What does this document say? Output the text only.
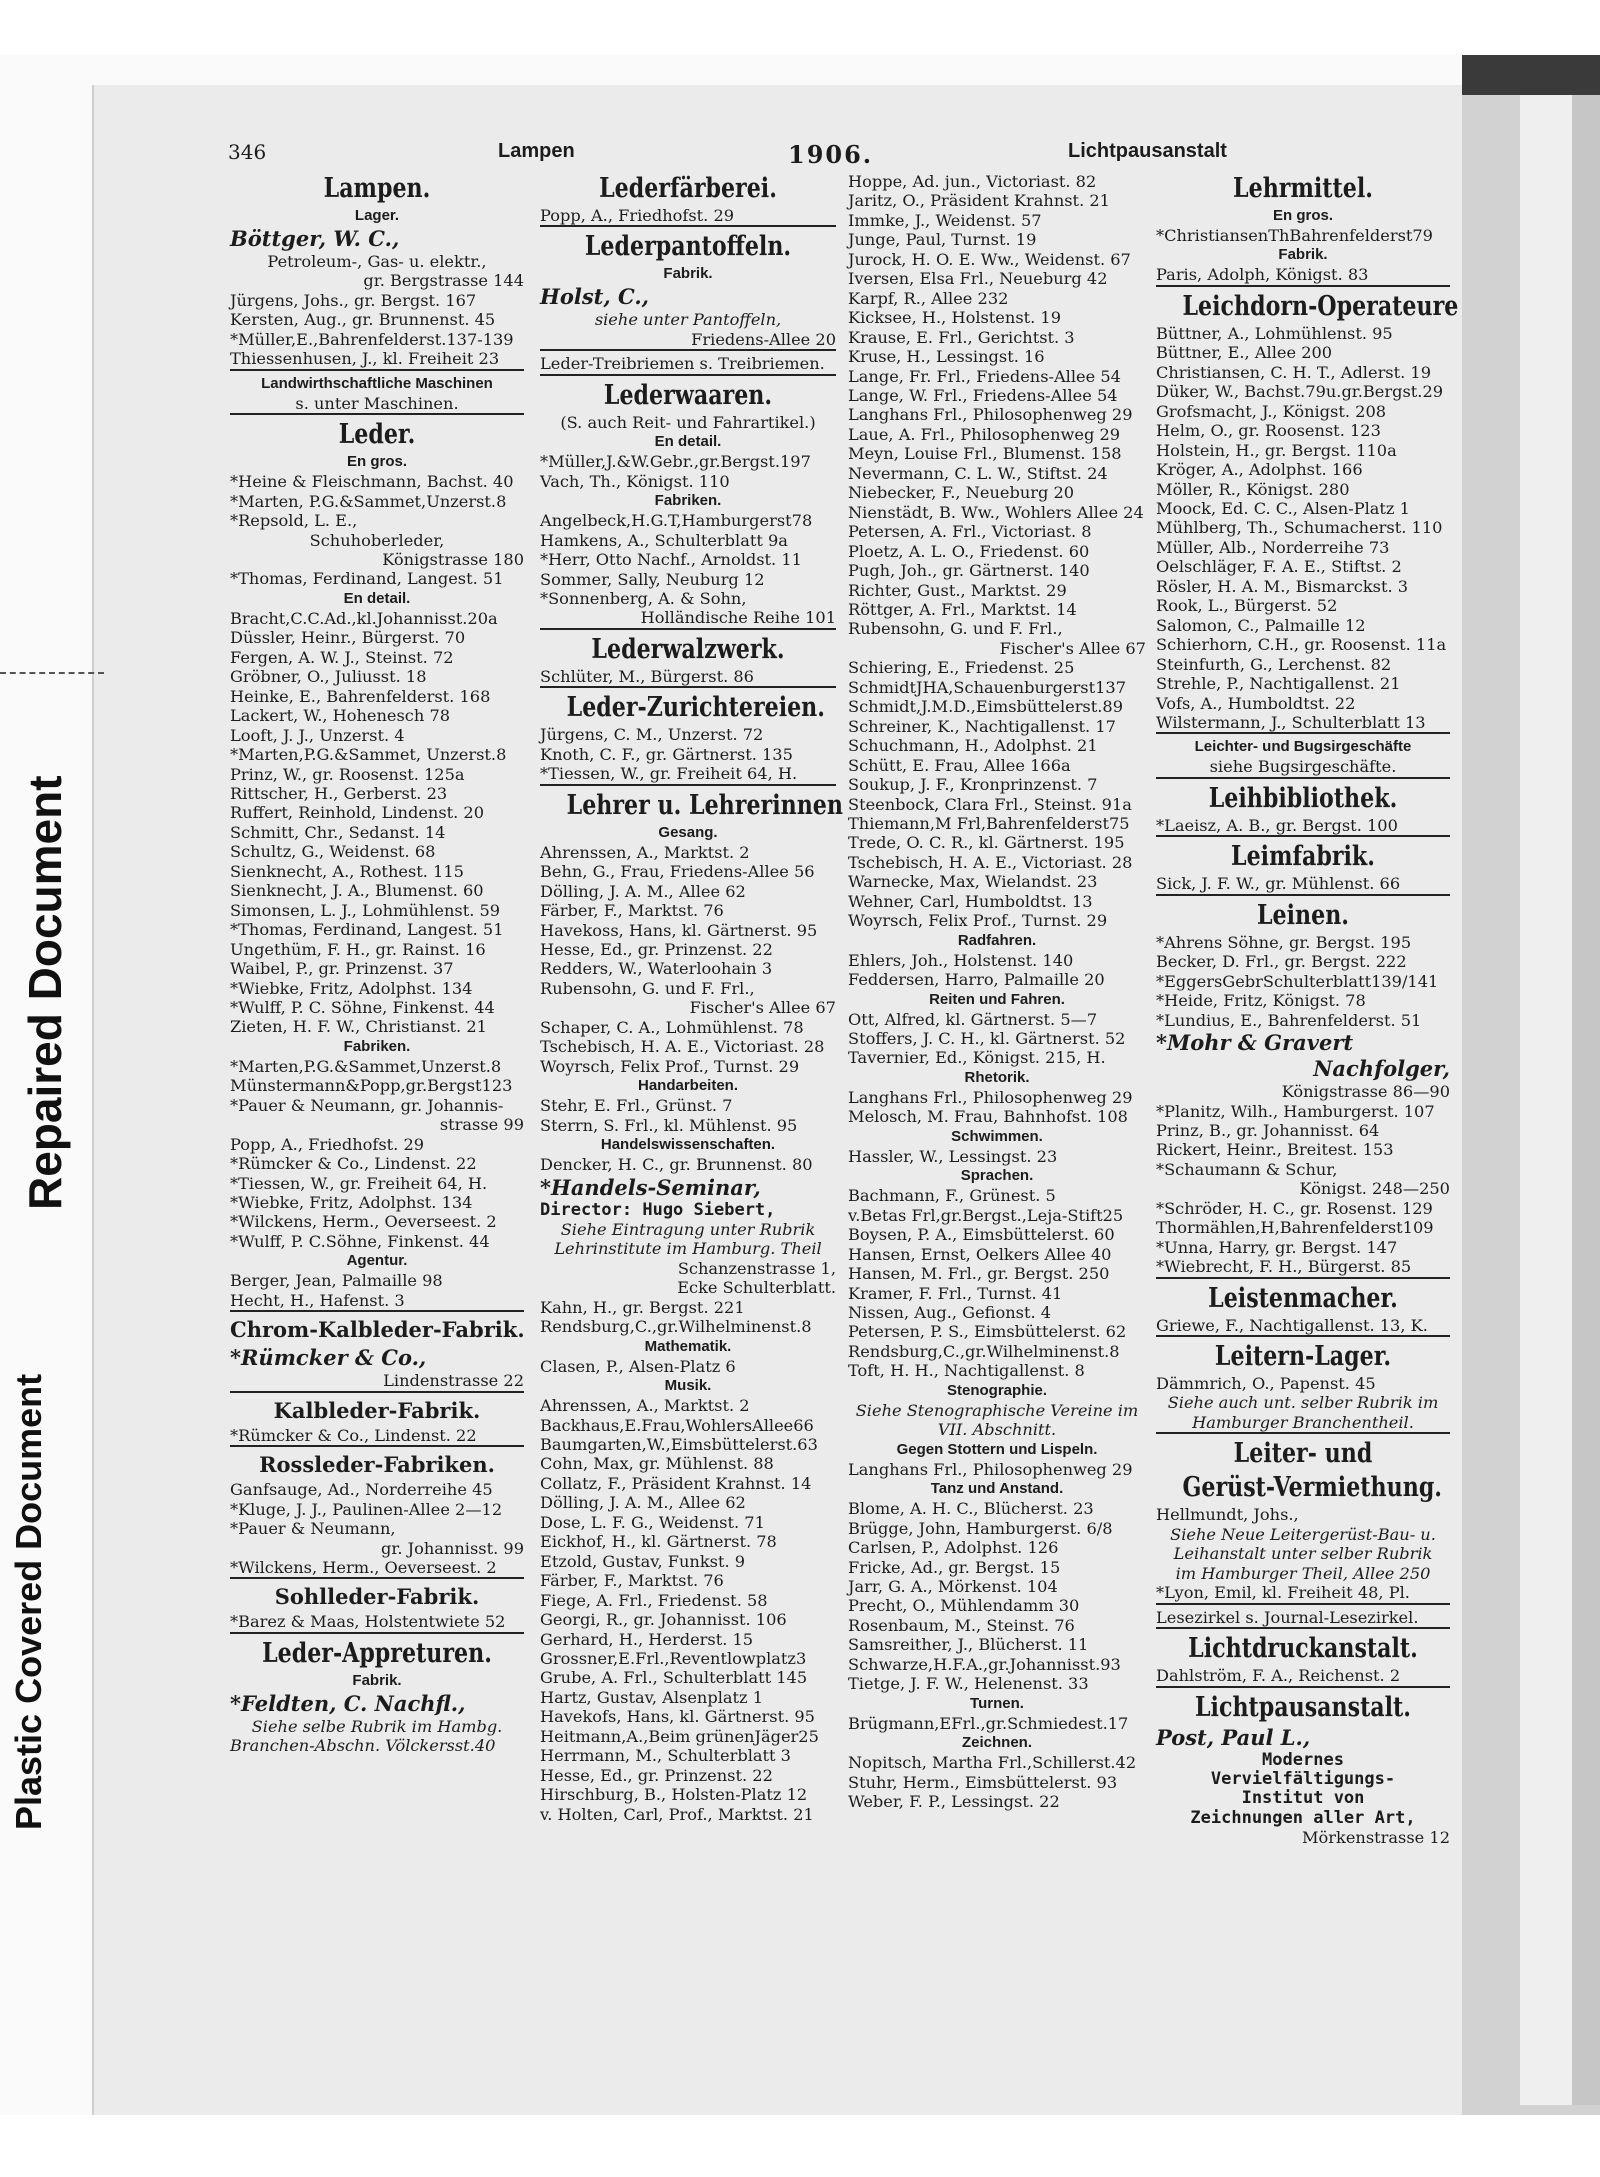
Repaired Document
Plastic Covered Document
346	Lampen	1906.	Lichtpausanstalt
Lampen.
Lager.
Böttger, W. C.,
Petroleum-, Gas- u. elektr.,
gr. Bergstrasse 144
Jürgens, Johs., gr. Bergst. 167
Kersten, Aug., gr. Brunnenst. 45
*Müller,E.,Bahrenfelderst.137-139
Thiessenhusen, J., kl. Freiheit 23
Landwirthschaftliche Maschinen
s. unter Maschinen.
Leder.
En gros.
*Heine & Fleischmann, Bachst. 40
*Marten, P.G.&Sammet,Unzerst.8
*Repsold, L. E.,
Schuhoberleder,
Königstrasse 180
*Thomas, Ferdinand, Langest. 51
En detail.
Bracht,C.C.Ad.,kl.Johannisst.20a
Düssler, Heinr., Bürgerst. 70
Fergen, A. W. J., Steinst. 72
Gröbner, O., Juliusst. 18
Heinke, E., Bahrenfelderst. 168
Lackert, W., Hohenesch 78
Looft, J. J., Unzerst. 4
*Marten,P.G.&Sammet, Unzerst.8
Prinz, W., gr. Roosenst. 125a
Rittscher, H., Gerberst. 23
Ruffert, Reinhold, Lindenst. 20
Schmitt, Chr., Sedanst. 14
Schultz, G., Weidenst. 68
Sienknecht, A., Rothest. 115
Sienknecht, J. A., Blumenst. 60
Simonsen, L. J., Lohmühlenst. 59
*Thomas, Ferdinand, Langest. 51
Ungethüm, F. H., gr. Rainst. 16
Waibel, P., gr. Prinzenst. 37
*Wiebke, Fritz, Adolphst. 134
*Wulff, P. C. Söhne, Finkenst. 44
Zieten, H. F. W., Christianst. 21
Fabriken.
*Marten,P.G.&Sammet,Unzerst.8
Münstermann&Popp,gr.Bergst123
*Pauer & Neumann, gr. Johannis-
strasse 99
Popp, A., Friedhofst. 29
*Rümcker & Co., Lindenst. 22
*Tiessen, W., gr. Freiheit 64, H.
*Wiebke, Fritz, Adolphst. 134
*Wilckens, Herm., Oeverseest. 2
*Wulff, P. C.Söhne, Finkenst. 44
Agentur.
Berger, Jean, Palmaille 98
Hecht, H., Hafenst. 3
Chrom-Kalbleder-Fabrik.
*Rümcker & Co.,
Lindenstrasse 22
Kalbleder-Fabrik.
*Rümcker & Co., Lindenst. 22
Rossleder-Fabriken.
Ganfsauge, Ad., Norderreihe 45
*Kluge, J. J., Paulinen-Allee 2—12
*Pauer & Neumann,
gr. Johannisst. 99
*Wilckens, Herm., Oeverseest. 2
Sohlleder-Fabrik.
*Barez & Maas, Holstentwiete 52
Leder-Appreturen.
Fabrik.
*Feldten, C. Nachfl.,
Siehe selbe Rubrik im Hambg.
Branchen-Abschn. Völckersst.40
Lederfärberei.
Popp, A., Friedhofst. 29
Lederpantoffeln.
Fabrik.
Holst, C.,
siehe unter Pantoffeln,
Friedens-Allee 20
Leder-Treibriemen s. Treibriemen.
Lederwaaren.
(S. auch Reit- und Fahrartikel.)
En detail.
*Müller,J.&W.Gebr.,gr.Bergst.197
Vach, Th., Königst. 110
Fabriken.
Angelbeck,H.G.T,Hamburgerst78
Hamkens, A., Schulterblatt 9a
*Herr, Otto Nachf., Arnoldst. 11
Sommer, Sally, Neuburg 12
*Sonnenberg, A. & Sohn,
Holländische Reihe 101
Lederwalzwerk.
Schlüter, M., Bürgerst. 86
Leder-Zurichtereien.
Jürgens, C. M., Unzerst. 72
Knoth, C. F., gr. Gärtnerst. 135
*Tiessen, W., gr. Freiheit 64, H.
Lehrer u. Lehrerinnen
Gesang.
Ahrenssen, A., Marktst. 2
Behn, G., Frau, Friedens-Allee 56
Dölling, J. A. M., Allee 62
Färber, F., Marktst. 76
Havekoss, Hans, kl. Gärtnerst. 95
Hesse, Ed., gr. Prinzenst. 22
Redders, W., Waterloohain 3
Rubensohn, G. und F. Frl.,
Fischer's Allee 67
Schaper, C. A., Lohmühlenst. 78
Tschebisch, H. A. E., Victoriast. 28
Woyrsch, Felix Prof., Turnst. 29
Handarbeiten.
Stehr, E. Frl., Grünst. 7
Sterrn, S. Frl., kl. Mühlenst. 95
Handelswissenschaften.
Dencker, H. C., gr. Brunnenst. 80
*Handels-Seminar,
Director: Hugo Siebert,
Siehe Eintragung unter Rubrik
Lehrinstitute im Hamburg. Theil
Schanzenstrasse 1,
Ecke Schulterblatt.
Kahn, H., gr. Bergst. 221
Rendsburg,C.,gr.Wilhelminenst.8
Mathematik.
Clasen, P., Alsen-Platz 6
Musik.
Ahrenssen, A., Marktst. 2
Backhaus,E.Frau,WohlersAllee66
Baumgarten,W.,Eimsbüttelerst.63
Cohn, Max, gr. Mühlenst. 88
Collatz, F., Präsident Krahnst. 14
Dölling, J. A. M., Allee 62
Dose, L. F. G., Weidenst. 71
Eickhof, H., kl. Gärtnerst. 78
Etzold, Gustav, Funkst. 9
Färber, F., Marktst. 76
Fiege, A. Frl., Friedenst. 58
Georgi, R., gr. Johannisst. 106
Gerhard, H., Herderst. 15
Grossner,E.Frl.,Reventlowplatz3
Grube, A. Frl., Schulterblatt 145
Hartz, Gustav, Alsenplatz 1
Havekofs, Hans, kl. Gärtnerst. 95
Heitmann,A.,Beim grünenJäger25
Herrmann, M., Schulterblatt 3
Hesse, Ed., gr. Prinzenst. 22
Hirschburg, B., Holsten-Platz 12
v. Holten, Carl, Prof., Marktst. 21
Hoppe, Ad. jun., Victoriast. 82
Jaritz, O., Präsident Krahnst. 21
Immke, J., Weidenst. 57
Junge, Paul, Turnst. 19
Jurock, H. O. E. Ww., Weidenst. 67
Iversen, Elsa Frl., Neueburg 42
Karpf, R., Allee 232
Kicksee, H., Holstenst. 19
Krause, E. Frl., Gerichtst. 3
Kruse, H., Lessingst. 16
Lange, Fr. Frl., Friedens-Allee 54
Lange, W. Frl., Friedens-Allee 54
Langhans Frl., Philosophenweg 29
Laue, A. Frl., Philosophenweg 29
Meyn, Louise Frl., Blumenst. 158
Nevermann, C. L. W., Stiftst. 24
Niebecker, F., Neueburg 20
Nienstädt, B. Ww., Wohlers Allee 24
Petersen, A. Frl., Victoriast. 8
Ploetz, A. L. O., Friedenst. 60
Pugh, Joh., gr. Gärtnerst. 140
Richter, Gust., Marktst. 29
Röttger, A. Frl., Marktst. 14
Rubensohn, G. und F. Frl.,
Fischer's Allee 67
Schiering, E., Friedenst. 25
SchmidtJHA,Schauenburgerst137
Schmidt,J.M.D.,Eimsbüttelerst.89
Schreiner, K., Nachtigallenst. 17
Schuchmann, H., Adolphst. 21
Schütt, E. Frau, Allee 166a
Soukup, J. F., Kronprinzenst. 7
Steenbock, Clara Frl., Steinst. 91a
Thiemann,M Frl,Bahrenfelderst75
Trede, O. C. R., kl. Gärtnerst. 195
Tschebisch, H. A. E., Victoriast. 28
Warnecke, Max, Wielandst. 23
Wehner, Carl, Humboldtst. 13
Woyrsch, Felix Prof., Turnst. 29
Radfahren.
Ehlers, Joh., Holstenst. 140
Feddersen, Harro, Palmaille 20
Reiten und Fahren.
Ott, Alfred, kl. Gärtnerst. 5—7
Stoffers, J. C. H., kl. Gärtnerst. 52
Tavernier, Ed., Königst. 215, H.
Rhetorik.
Langhans Frl., Philosophenweg 29
Melosch, M. Frau, Bahnhofst. 108
Schwimmen.
Hassler, W., Lessingst. 23
Sprachen.
Bachmann, F., Grünest. 5
v.Betas Frl,gr.Bergst.,Leja-Stift25
Boysen, P. A., Eimsbüttelerst. 60
Hansen, Ernst, Oelkers Allee 40
Hansen, M. Frl., gr. Bergst. 250
Kramer, F. Frl., Turnst. 41
Nissen, Aug., Gefionst. 4
Petersen, P. S., Eimsbüttelerst. 62
Rendsburg,C.,gr.Wilhelminenst.8
Toft, H. H., Nachtigallenst. 8
Stenographie.
Siehe Stenographische Vereine im
VII. Abschnitt.
Gegen Stottern und Lispeln.
Langhans Frl., Philosophenweg 29
Tanz und Anstand.
Blome, A. H. C., Blücherst. 23
Brügge, John, Hamburgerst. 6/8
Carlsen, P., Adolphst. 126
Fricke, Ad., gr. Bergst. 15
Jarr, G. A., Mörkenst. 104
Precht, O., Mühlendamm 30
Rosenbaum, M., Steinst. 76
Samsreither, J., Blücherst. 11
Schwarze,H.F.A.,gr.Johannisst.93
Tietge, J. F. W., Helenenst. 33
Turnen.
Brügmann,EFrl.,gr.Schmiedest.17
Zeichnen.
Nopitsch, Martha Frl.,Schillerst.42
Stuhr, Herm., Eimsbüttelerst. 93
Weber, F. P., Lessingst. 22
Lehrmittel.
En gros.
*ChristiansenThBahrenfelderst79
Fabrik.
Paris, Adolph, Königst. 83
Leichdorn-Operateure
Büttner, A., Lohmühlenst. 95
Büttner, E., Allee 200
Christiansen, C. H. T., Adlerst. 19
Düker, W., Bachst.79u.gr.Bergst.29
Grofsmacht, J., Königst. 208
Helm, O., gr. Roosenst. 123
Holstein, H., gr. Bergst. 110a
Kröger, A., Adolphst. 166
Möller, R., Königst. 280
Moock, Ed. C. C., Alsen-Platz 1
Mühlberg, Th., Schumacherst. 110
Müller, Alb., Norderreihe 73
Oelschläger, F. A. E., Stiftst. 2
Rösler, H. A. M., Bismarckst. 3
Rook, L., Bürgerst. 52
Salomon, C., Palmaille 12
Schierhorn, C.H., gr. Roosenst. 11a
Steinfurth, G., Lerchenst. 82
Strehle, P., Nachtigallenst. 21
Vofs, A., Humboldtst. 22
Wilstermann, J., Schulterblatt 13
Leichter- und Bugsirgeschäfte
siehe Bugsirgeschäfte.
Leihbibliothek.
*Laeisz, A. B., gr. Bergst. 100
Leimfabrik.
Sick, J. F. W., gr. Mühlenst. 66
Leinen.
*Ahrens Söhne, gr. Bergst. 195
Becker, D. Frl., gr. Bergst. 222
*EggersGebrSchulterblatt139/141
*Heide, Fritz, Königst. 78
*Lundius, E., Bahrenfelderst. 51
*Mohr & Gravert
Nachfolger,
Königstrasse 86—90
*Planitz, Wilh., Hamburgerst. 107
Prinz, B., gr. Johannisst. 64
Rickert, Heinr., Breitest. 153
*Schaumann & Schur,
Königst. 248—250
*Schröder, H. C., gr. Rosenst. 129
Thormählen,H,Bahrenfelderst109
*Unna, Harry, gr. Bergst. 147
*Wiebrecht, F. H., Bürgerst. 85
Leistenmacher.
Griewe, F., Nachtigallenst. 13, K.
Leitern-Lager.
Dämmrich, O., Papenst. 45
Siehe auch unt. selber Rubrik im
Hamburger Branchentheil.
Leiter- und
Gerüst-Vermiethung.
Hellmundt, Johs.,
Siehe Neue Leitergerüst-Bau- u.
Leihanstalt unter selber Rubrik
im Hamburger Theil, Allee 250
*Lyon, Emil, kl. Freiheit 48, Pl.
Lesezirkel s. Journal-Lesezirkel.
Lichtdruckanstalt.
Dahlström, F. A., Reichenst. 2
Lichtpausanstalt.
Post, Paul L.,
Modernes
Vervielfältigungs-
Institut von
Zeichnungen aller Art,
Mörkenstrasse 12
